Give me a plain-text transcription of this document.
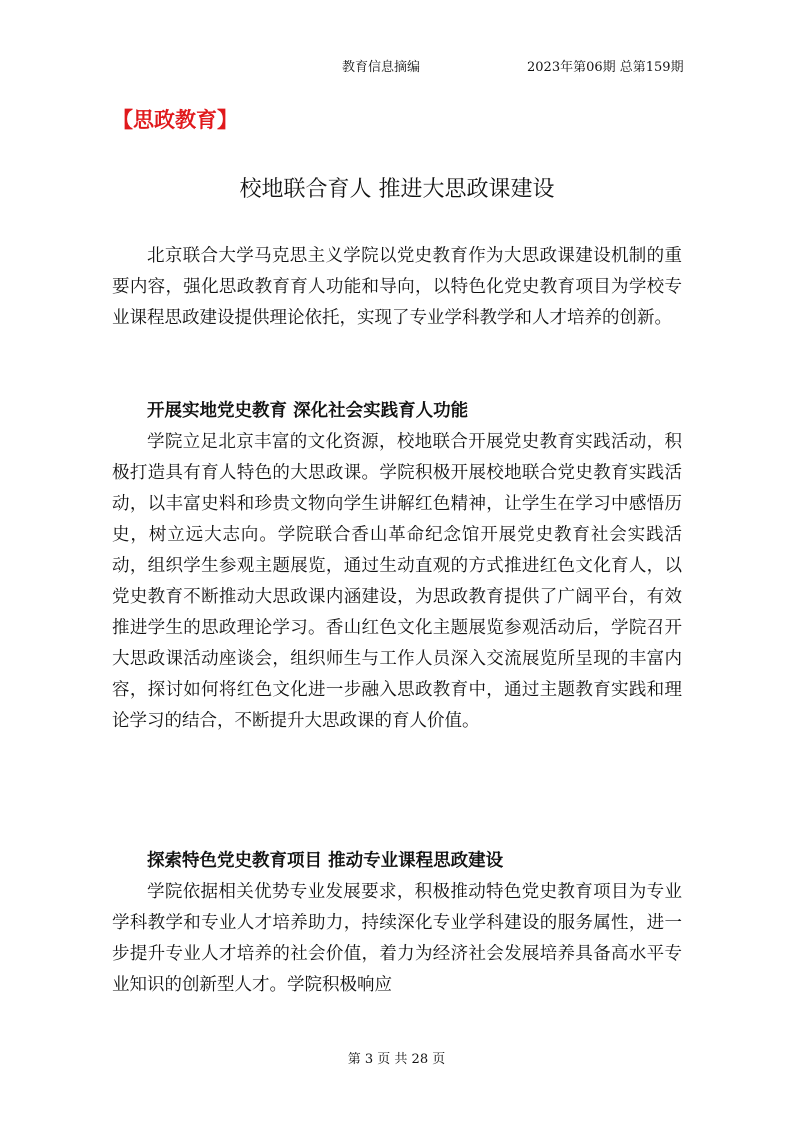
教育信息摘编	2023年第06期 总第159期
【思政教育】
校地联合育人 推进大思政课建设

北京联合大学马克思主义学院以党史教育作为大思政课建设机制的重要内容，强化思政教育育人功能和导向，以特色化党史教育项目为学校专业课程思政建设提供理论依托，实现了专业学科教学和人才培养的创新。

开展实地党史教育 深化社会实践育人功能

学院立足北京丰富的文化资源，校地联合开展党史教育实践活动，积极打造具有育人特色的大思政课。学院积极开展校地联合党史教育实践活动，以丰富史料和珍贵文物向学生讲解红色精神，让学生在学习中感悟历史，树立远大志向。学院联合香山革命纪念馆开展党史教育社会实践活动，组织学生参观主题展览，通过生动直观的方式推进红色文化育人，以党史教育不断推动大思政课内涵建设，为思政教育提供了广阔平台，有效推进学生的思政理论学习。香山红色文化主题展览参观活动后，学院召开大思政课活动座谈会，组织师生与工作人员深入交流展览所呈现的丰富内容，探讨如何将红色文化进一步融入思政教育中，通过主题教育实践和理论学习的结合，不断提升大思政课的育人价值。

探索特色党史教育项目 推动专业课程思政建设

学院依据相关优势专业发展要求，积极推动特色党史教育项目为专业学科教学和专业人才培养助力，持续深化专业学科建设的服务属性，进一步提升专业人才培养的社会价值，着力为经济社会发展培养具备高水平专业知识的创新型人才。学院积极响应

第 3 页 共 28 页
